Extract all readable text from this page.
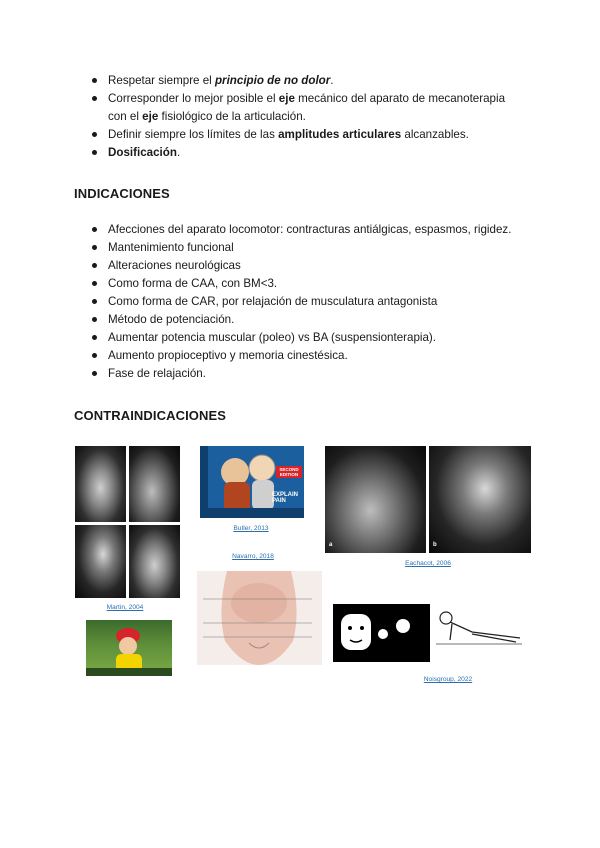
Respetar siempre el principio de no dolor.
Corresponder lo mejor posible el eje mecánico del aparato de mecanoterapia
con el eje fisiológico de la articulación.
Definir siempre los límites de las amplitudes articulares alcanzables.
Dosificación.
INDICACIONES
Afecciones del aparato locomotor: contracturas antiálgicas, espasmos, rigidez.
Mantenimiento funcional
Alteraciones neurológicas
Como forma de CAA, con BM<3.
Como forma de CAR, por relajación de musculatura antagonista
Método de potenciación.
Aumentar potencia muscular (poleo) vs BA (suspensionterapia).
Aumento propioceptivo y memoria cinestésica.
Fase de relajación.
CONTRAINDICACIONES
Martin, 2004
SECOND EDITION
EXPLAIN PAIN
Butler, 2013
Navarro, 2018
a	b
Eachacot, 2006
Noisgroup, 2022
